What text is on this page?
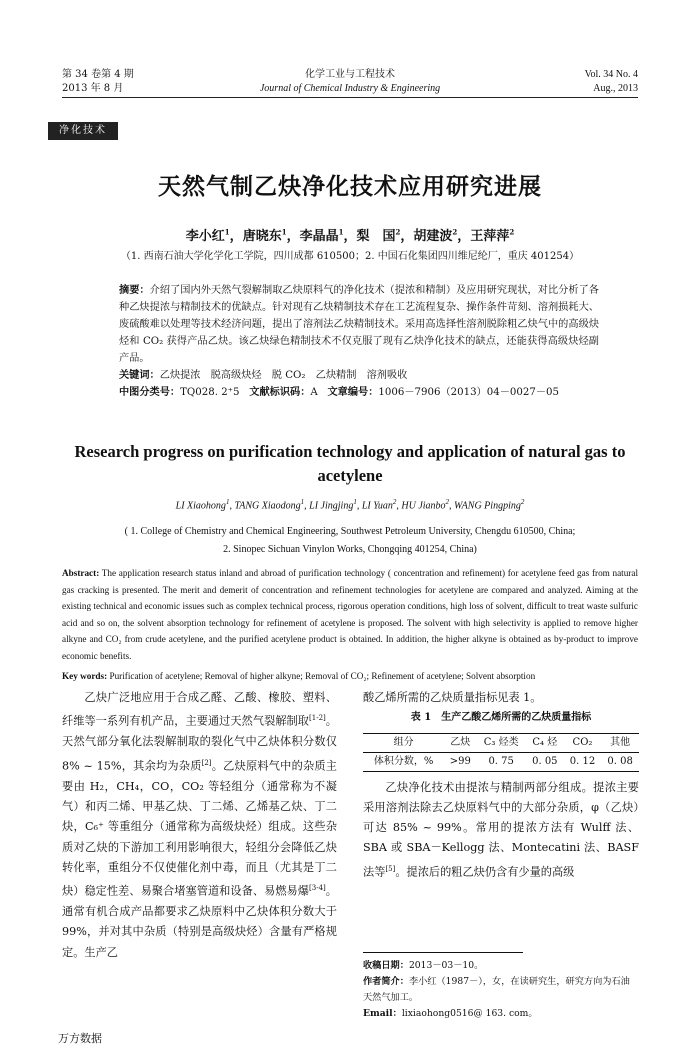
第 34 卷第 4 期
2013 年 8 月
化学工业与工程技术
Journal of Chemical Industry & Engineering
Vol. 34 No. 4
Aug., 2013
净化技术
天然气制乙炔净化技术应用研究进展
李小红$^1$，唐晓东$^1$，李晶晶$^1$，梨　国$^2$，胡建波$^2$，王萍萍$^2$
（1. 西南石油大学化学化工学院，四川成都 610500；2. 中国石化集团四川维尼纶厂，重庆 401254）
摘要：介绍了国内外天然气裂解制取乙炔原料气的净化技术（提浓和精制）及应用研究现状，对比分析了各种乙炔提浓与精制技术的优缺点。针对现有乙炔精制技术存在工艺流程复杂、操作条件苛刻、溶剂损耗大、废硫酸难以处理等技术经济问题，提出了溶剂法乙炔精制技术。采用高选择性溶剂脱除粗乙炔气中的高级炔烃和 CO₂ 获得产品乙炔。该乙炔绿色精制技术不仅克服了现有乙炔净化技术的缺点，还能获得高级炔烃副产品。
关键词：乙炔提浓　脱高级炔烃　脱 CO₂　乙炔精制　溶剂吸收
中图分类号：TQ028. 2⁺5 文献标识码：A 文章编号：1006－7906（2013）04－0027－05
Research progress on purification technology and application of natural gas to acetylene
LI Xiaohong$^1$, TANG Xiaodong$^1$, LI Jingjing$^1$, LI Yuan$^2$, HU Jianbo$^2$, WANG Pingping$^2$
( 1. College of Chemistry and Chemical Engineering, Southwest Petroleum University, Chengdu 610500, China;
2. Sinopec Sichuan Vinylon Works, Chongqing 401254, China)
Abstract: The application research status inland and abroad of purification technology ( concentration and refinement) for acetylene feed gas from natural gas cracking is presented. The merit and demerit of concentration and refinement technologies for acetylene are compared and analyzed. Aiming at the existing technical and economic issues such as complex technical process, rigorous operation conditions, high loss of solvent, difficult to treat waste sulfuric acid and so on, the solvent absorption technology for refinement of acetylene is proposed. The solvent with high selectivity is applied to remove higher alkyne and CO₂ from crude acetylene, and the purified acetylene product is obtained. In addition, the higher alkyne is obtained as by-product to improve economic benefits.
Key words: Purification of acetylene; Removal of higher alkyne; Removal of CO₂; Refinement of acetylene; Solvent absorption
乙炔广泛地应用于合成乙醛、乙酸、橡胶、塑料、纤维等一系列有机产品，主要通过天然气裂解制取[1-2]。天然气部分氧化法裂解制取的裂化气中乙炔体积分数仅 8% ~ 15%，其余均为杂质[2]。乙炔原料气中的杂质主要由 H₂，CH₄，CO，CO₂ 等轻组分（通常称为不凝气）和丙二烯、甲基乙炔、丁二烯、乙烯基乙炔、丁二炔，C₆⁺ 等重组分（通常称为高级炔烃）组成。这些杂质对乙炔的下游加工利用影响很大，轻组分会降低乙炔转化率，重组分不仅使催化剂中毒，而且（尤其是丁二炔）稳定性差、易聚合堵塞管道和设备、易燃易爆[3-4]。通常有机合成产品都要求乙炔原料中乙炔体积分数大于 99%，并对其中杂质（特别是高级炔烃）含量有严格规定。生产乙
酸乙烯所需的乙炔质量指标见表 1。
表 1　生产乙酸乙烯所需的乙炔质量指标
组分	乙炔	C₃ 烃类	C₄ 烃	CO₂	其他
体积分数，%	>99	0. 75	0. 05	0. 12	0. 08
乙炔净化技术由提浓与精制两部分组成。提浓主要采用溶剂法除去乙炔原料气中的大部分杂质，φ（乙炔）可达 85% ~ 99%。常用的提浓方法有 Wulff 法、SBA 或 SBA－Kellogg 法、Montecatini 法、BASF 法等[5]。提浓后的粗乙炔仍含有少量的高级
收稿日期：2013－03－10。
作者简介：李小红（1987－），女，在读研究生，研究方向为石油天然气加工。
Email：lixiaohong0516@ 163. com。
万方数据
